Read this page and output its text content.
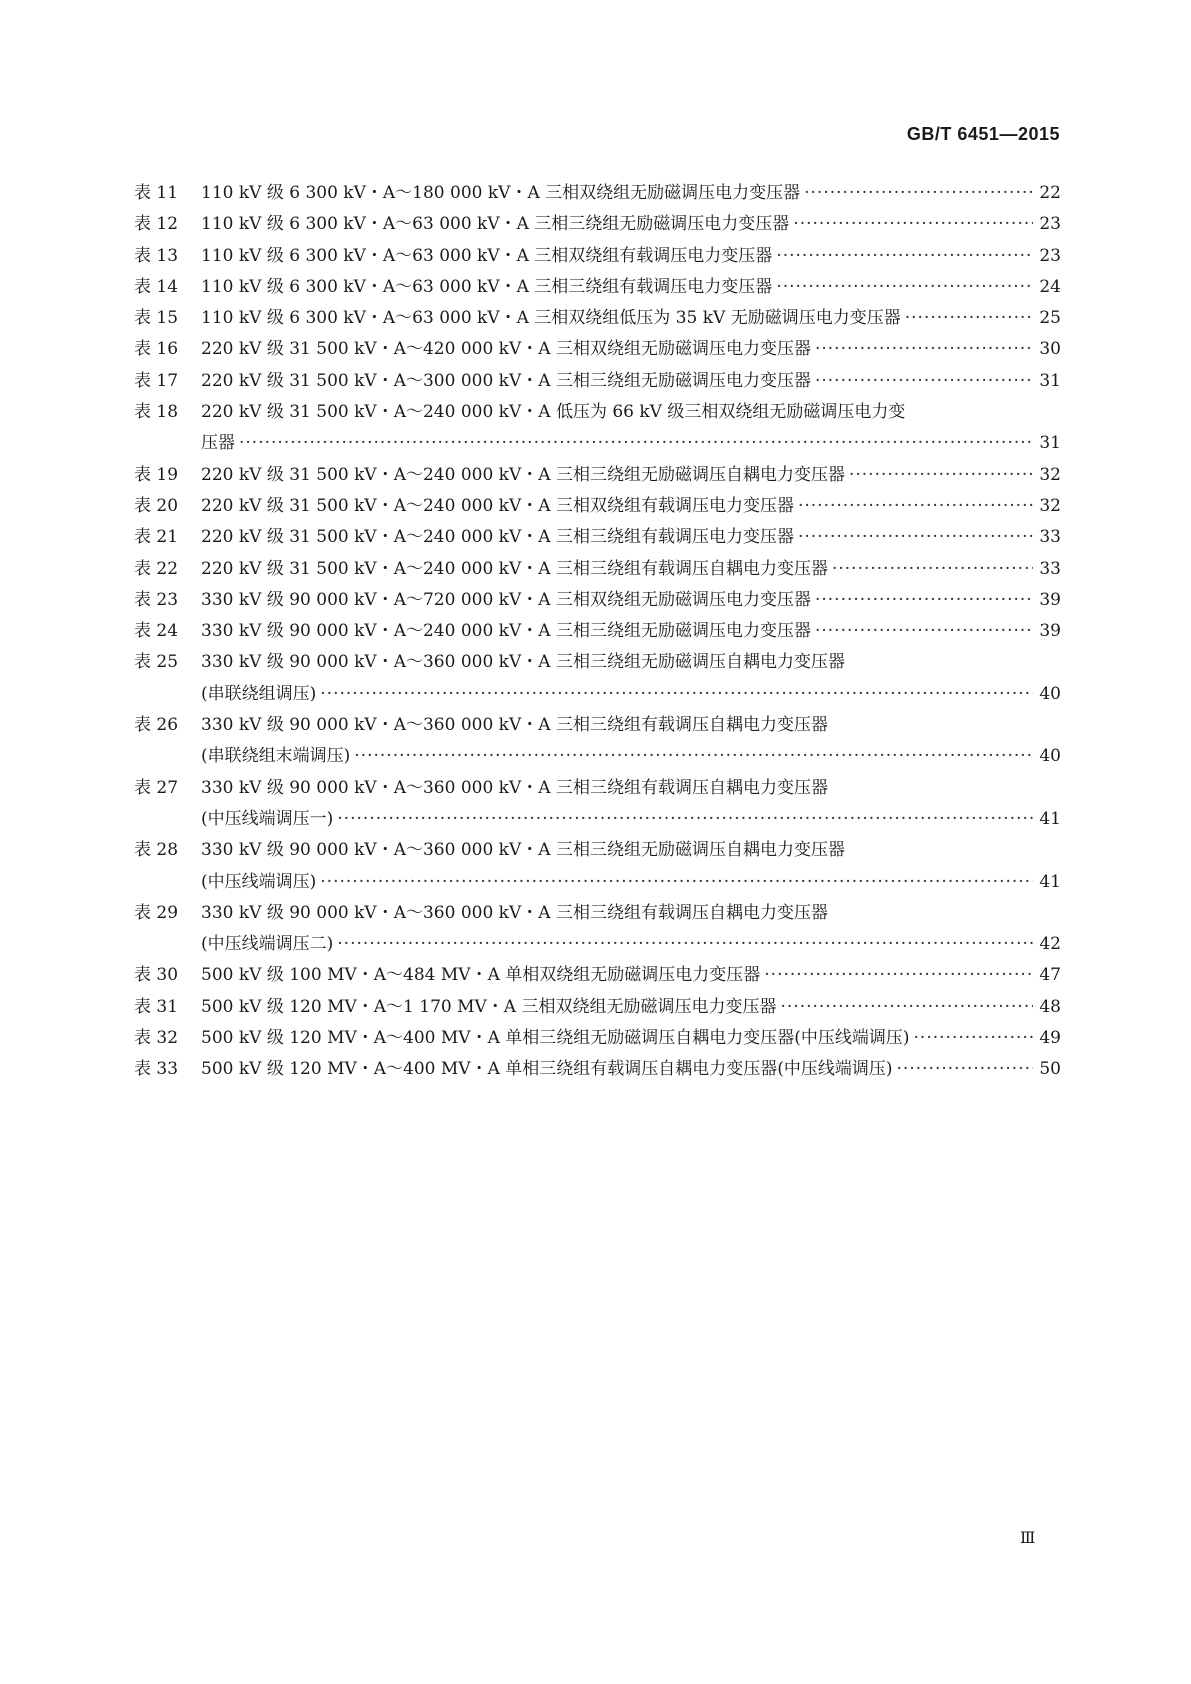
GB/T 6451—2015
表 11	110 kV 级 6 300 kV・A～180 000 kV・A 三相双绕组无励磁调压电力变压器 ·····	22
表 12	110 kV 级 6 300 kV・A～63 000 kV・A 三相三绕组无励磁调压电力变压器 ·····	23
表 13	110 kV 级 6 300 kV・A～63 000 kV・A 三相双绕组有载调压电力变压器 ·····	23
表 14	110 kV 级 6 300 kV・A～63 000 kV・A 三相三绕组有载调压电力变压器 ·····	24
表 15	110 kV 级 6 300 kV・A～63 000 kV・A 三相双绕组低压为 35 kV 无励磁调压电力变压器 ·····	25
表 16	220 kV 级 31 500 kV・A～420 000 kV・A 三相双绕组无励磁调压电力变压器 ·····	30
表 17	220 kV 级 31 500 kV・A～300 000 kV・A 三相三绕组无励磁调压电力变压器 ·····	31
表 18	220 kV 级 31 500 kV・A～240 000 kV・A 低压为 66 kV 级三相双绕组无励磁调压电力变
压器 ·····	31
表 19	220 kV 级 31 500 kV・A～240 000 kV・A 三相三绕组无励磁调压自耦电力变压器 ·····	32
表 20	220 kV 级 31 500 kV・A～240 000 kV・A 三相双绕组有载调压电力变压器 ·····	32
表 21	220 kV 级 31 500 kV・A～240 000 kV・A 三相三绕组有载调压电力变压器 ·····	33
表 22	220 kV 级 31 500 kV・A～240 000 kV・A 三相三绕组有载调压自耦电力变压器 ·····	33
表 23	330 kV 级 90 000 kV・A～720 000 kV・A 三相双绕组无励磁调压电力变压器 ·····	39
表 24	330 kV 级 90 000 kV・A～240 000 kV・A 三相三绕组无励磁调压电力变压器 ·····	39
表 25	330 kV 级 90 000 kV・A～360 000 kV・A 三相三绕组无励磁调压自耦电力变压器
(串联绕组调压) ·····	40
表 26	330 kV 级 90 000 kV・A～360 000 kV・A 三相三绕组有载调压自耦电力变压器
(串联绕组末端调压) ·····	40
表 27	330 kV 级 90 000 kV・A～360 000 kV・A 三相三绕组有载调压自耦电力变压器
(中压线端调压一) ·····	41
表 28	330 kV 级 90 000 kV・A～360 000 kV・A 三相三绕组无励磁调压自耦电力变压器
(中压线端调压) ·····	41
表 29	330 kV 级 90 000 kV・A～360 000 kV・A 三相三绕组有载调压自耦电力变压器
(中压线端调压二) ·····	42
表 30	500 kV 级 100 MV・A～484 MV・A 单相双绕组无励磁调压电力变压器 ·····	47
表 31	500 kV 级 120 MV・A～1 170 MV・A 三相双绕组无励磁调压电力变压器 ·····	48
表 32	500 kV 级 120 MV・A～400 MV・A 单相三绕组无励磁调压自耦电力变压器(中压线端调压) ·····	49
表 33	500 kV 级 120 MV・A～400 MV・A 单相三绕组有载调压自耦电力变压器(中压线端调压) ·····	50
Ⅲ
